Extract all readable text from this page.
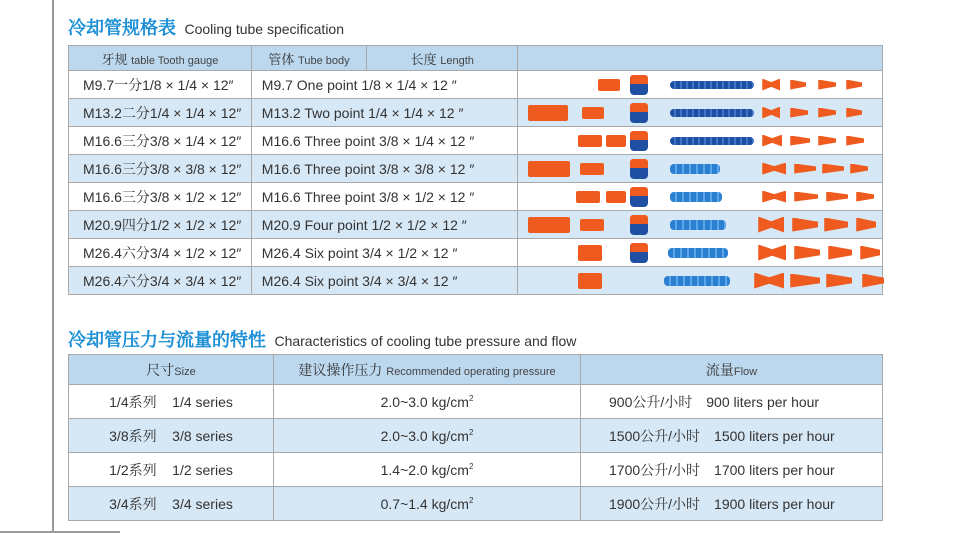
冷却管规格表 Cooling tube specification
牙规 table Tooth gauge	管体 Tube body	长度 Length	
M9.7一分1/8 × 1/4 × 12″	M9.7 One point 1/8 × 1/4 × 12 ″		

M13.2二分1/4 × 1/4 × 12″	M13.2 Two point 1/4 × 1/4 × 12 ″		

M16.6三分3/8 × 1/4 × 12″	M16.6 Three point 3/8 × 1/4 × 12 ″		

M16.6三分3/8 × 3/8 × 12″	M16.6 Three point 3/8 × 3/8 × 12 ″		

M16.6三分3/8 × 1/2 × 12″	M16.6 Three point 3/8 × 1/2 × 12 ″		

M20.9四分1/2 × 1/2 × 12″	M20.9 Four point 1/2 × 1/2 × 12 ″		

M26.4六分3/4 × 1/2 × 12″	M26.4 Six point 3/4 × 1/2 × 12 ″		

M26.4六分3/4 × 3/4 × 12″	M26.4 Six point 3/4 × 3/4 × 12 ″		
冷却管压力与流量的特性 Characteristics of cooling tube pressure and flow
尺寸Size	建议操作压力 Recommended operating pressure	流量Flow
1/4系列    1/4 series	2.0~3.0 $kg/cm^2$	900公升/小时 900 liters per hour
3/8系列    3/8 series	2.0~3.0 $kg/cm^2$	1500公升/小时 1500 liters per hour
1/2系列    1/2 series	1.4~2.0 $kg/cm^2$	1700公升/小时 1700 liters per hour
3/4系列    3/4 series	0.7~1.4 $kg/cm^2$	1900公升/小时 1900 liters per hour
